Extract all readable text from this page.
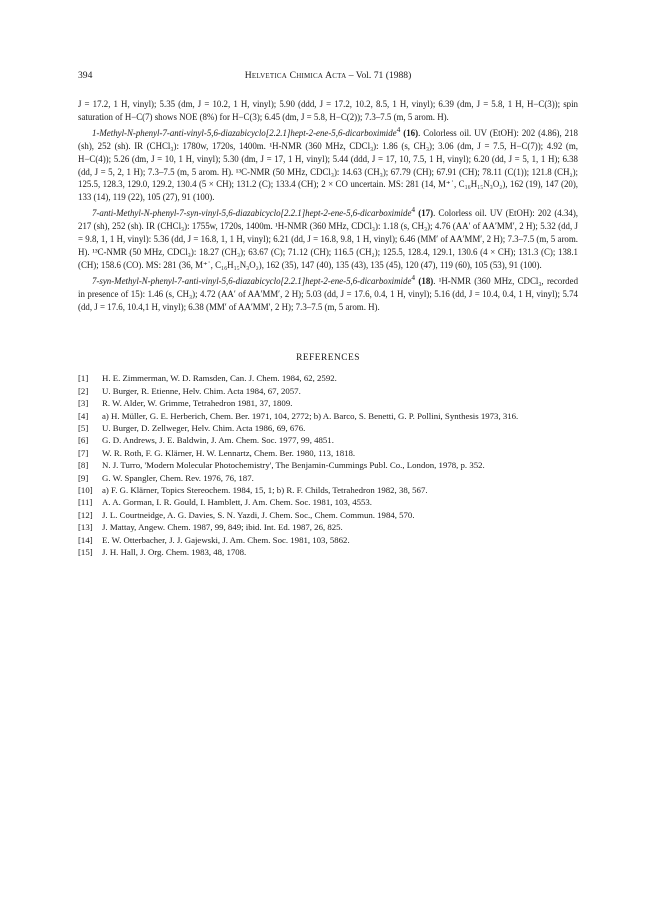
394	Helvetica Chimica Acta – Vol. 71 (1988)

J = 17.2, 1 H, vinyl); 5.35 (dm, J = 10.2, 1 H, vinyl); 5.90 (ddd, J = 17.2, 10.2, 8.5, 1 H, vinyl); 6.39 (dm, J = 5.8, 1 H, H−C(3)); spin saturation of H−C(7) shows NOE (8%) for H−C(3); 6.45 (dm, J = 5.8, H−C(2)); 7.3–7.5 (m, 5 arom. H).

1-Methyl-N-phenyl-7-anti-vinyl-5,6-diazabicyclo[2.2.1]hept-2-ene-5,6-dicarboximide$^4$ (16). Colorless oil. UV (EtOH): 202 (4.86), 218 (sh), 252 (sh). IR (CHCl₃): 1780w, 1720s, 1400m. ¹H-NMR (360 MHz, CDCl₃): 1.86 (s, CH₃); 3.06 (dm, J = 7.5, H−C(7)); 4.92 (m, H−C(4)); 5.26 (dm, J = 10, 1 H, vinyl); 5.30 (dm, J = 17, 1 H, vinyl); 5.44 (ddd, J = 17, 10, 7.5, 1 H, vinyl); 6.20 (dd, J = 5, 1, 1 H); 6.38 (dd, J = 5, 2, 1 H); 7.3–7.5 (m, 5 arom. H). ¹³C-NMR (50 MHz, CDCl₃): 14.63 (CH₃); 67.79 (CH); 67.91 (CH); 78.11 (C(1)); 121.8 (CH₂); 125.5, 128.3, 129.0, 129.2, 130.4 (5 × CH); 131.2 (C); 133.4 (CH); 2 × CO uncertain. MS: 281 (14, M⁺˙, C₁₆H₁₅N₃O₂), 162 (19), 147 (20), 133 (14), 119 (22), 105 (27), 91 (100).

7-anti-Methyl-N-phenyl-7-syn-vinyl-5,6-diazabicyclo[2.2.1]hept-2-ene-5,6-dicarboximide$^4$ (17). Colorless oil. UV (EtOH): 202 (4.34), 217 (sh), 252 (sh). IR (CHCl₃): 1755w, 1720s, 1400m. ¹H-NMR (360 MHz, CDCl₃): 1.18 (s, CH₃); 4.76 (AA′ of AA′MM′, 2 H); 5.32 (dd, J = 9.8, 1, 1 H, vinyl): 5.36 (dd, J = 16.8, 1, 1 H, vinyl); 6.21 (dd, J = 16.8, 9.8, 1 H, vinyl); 6.46 (MM′ of AA′MM′, 2 H); 7.3–7.5 (m, 5 arom. H). ¹³C-NMR (50 MHz, CDCl₃): 18.27 (CH₃); 63.67 (C); 71.12 (CH); 116.5 (CH₂); 125.5, 128.4, 129.1, 130.6 (4 × CH); 131.3 (C); 138.1 (CH); 158.6 (CO). MS: 281 (36, M⁺˙, C₁₆H₁₅N₃O₂), 162 (35), 147 (40), 135 (43), 135 (45), 120 (47), 119 (60), 105 (53), 91 (100).

7-syn-Methyl-N-phenyl-7-anti-vinyl-5,6-diazabicyclo[2.2.1]hept-2-ene-5,6-dicarboximide$^4$ (18). ¹H-NMR (360 MHz, CDCl₃, recorded in presence of 15): 1.46 (s, CH₃); 4.72 (AA′ of AA′MM′, 2 H); 5.03 (dd, J = 17.6, 0.4, 1 H, vinyl); 5.16 (dd, J = 10.4, 0.4, 1 H, vinyl); 5.74 (dd, J = 17.6, 10.4,1 H, vinyl); 6.38 (MM′ of AA′MM′, 2 H); 7.3–7.5 (m, 5 arom. H).

REFERENCES
[1] H. E. Zimmerman, W. D. Ramsden, Can. J. Chem. 1984, 62, 2592.
[2] U. Burger, R. Etienne, Helv. Chim. Acta 1984, 67, 2057.
[3] R. W. Alder, W. Grimme, Tetrahedron 1981, 37, 1809.
[4] a) H. Müller, G. E. Herberich, Chem. Ber. 1971, 104, 2772; b) A. Barco, S. Benetti, G. P. Pollini, Synthesis 1973, 316.
[5] U. Burger, D. Zellweger, Helv. Chim. Acta 1986, 69, 676.
[6] G. D. Andrews, J. E. Baldwin, J. Am. Chem. Soc. 1977, 99, 4851.
[7] W. R. Roth, F. G. Klärner, H. W. Lennartz, Chem. Ber. 1980, 113, 1818.
[8] N. J. Turro, 'Modern Molecular Photochemistry', The Benjamin-Cummings Publ. Co., London, 1978, p. 352.
[9] G. W. Spangler, Chem. Rev. 1976, 76, 187.
[10] a) F. G. Klärner, Topics Stereochem. 1984, 15, 1; b) R. F. Childs, Tetrahedron 1982, 38, 567.
[11] A. A. Gorman, I. R. Gould, I. Hamblett, J. Am. Chem. Soc. 1981, 103, 4553.
[12] J. L. Courtneidge, A. G. Davies, S. N. Yazdi, J. Chem. Soc., Chem. Commun. 1984, 570.
[13] J. Mattay, Angew. Chem. 1987, 99, 849; ibid. Int. Ed. 1987, 26, 825.
[14] E. W. Otterbacher, J. J. Gajewski, J. Am. Chem. Soc. 1981, 103, 5862.
[15] J. H. Hall, J. Org. Chem. 1983, 48, 1708.
